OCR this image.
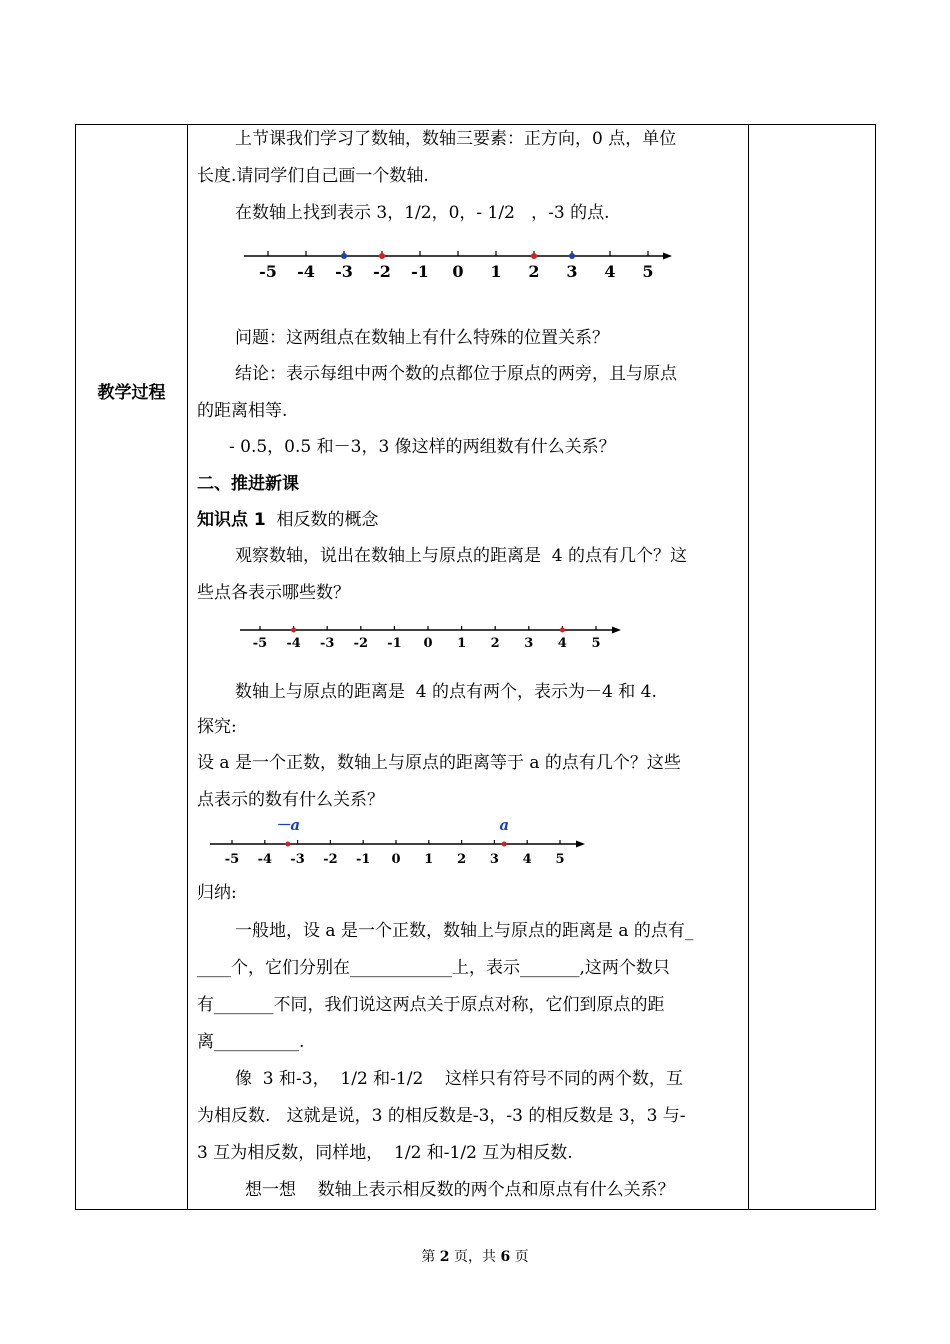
教学过程
上节课我们学习了数轴，数轴三要素：正方向，0 点，单位
长度.请同学们自己画一个数轴.
在数轴上找到表示 3，1/2，0，- 1/2   ，-3 的点.
-5 -4 -3 -2 -1 0 1 2 3 4 5
问题：这两组点在数轴上有什么特殊的位置关系？
结论：表示每组中两个数的点都位于原点的两旁，且与原点
的距离相等.
- 0.5，0.5 和－3，3 像这样的两组数有什么关系？
二、推进新课
知识点 1  相反数的概念
观察数轴，说出在数轴上与原点的距离是  4 的点有几个？这
些点各表示哪些数？
-5 -4 -3 -2 -1 0 1 2 3 4 5
数轴上与原点的距离是  4 的点有两个，表示为－4 和 4.
探究:
设 a 是一个正数，数轴上与原点的距离等于 a 的点有几个？这些
点表示的数有什么关系？
-5 -4 -3 -2 -1 0 1 2 3 4 5
－a	a
归纳:
一般地，设 a 是一个正数，数轴上与原点的距离是 a 的点有_
____个，它们分别在____________上，表示_______,这两个数只
有_______不同，我们说这两点关于原点对称，它们到原点的距
离__________.
像  3 和-3，  1/2 和-1/2    这样只有符号不同的两个数，互
为相反数.   这就是说，3 的相反数是-3，-3 的相反数是 3，3 与-
3 互为相反数，同样地，  1/2 和-1/2 互为相反数.
想一想    数轴上表示相反数的两个点和原点有什么关系？
第 2 页，共 6 页
